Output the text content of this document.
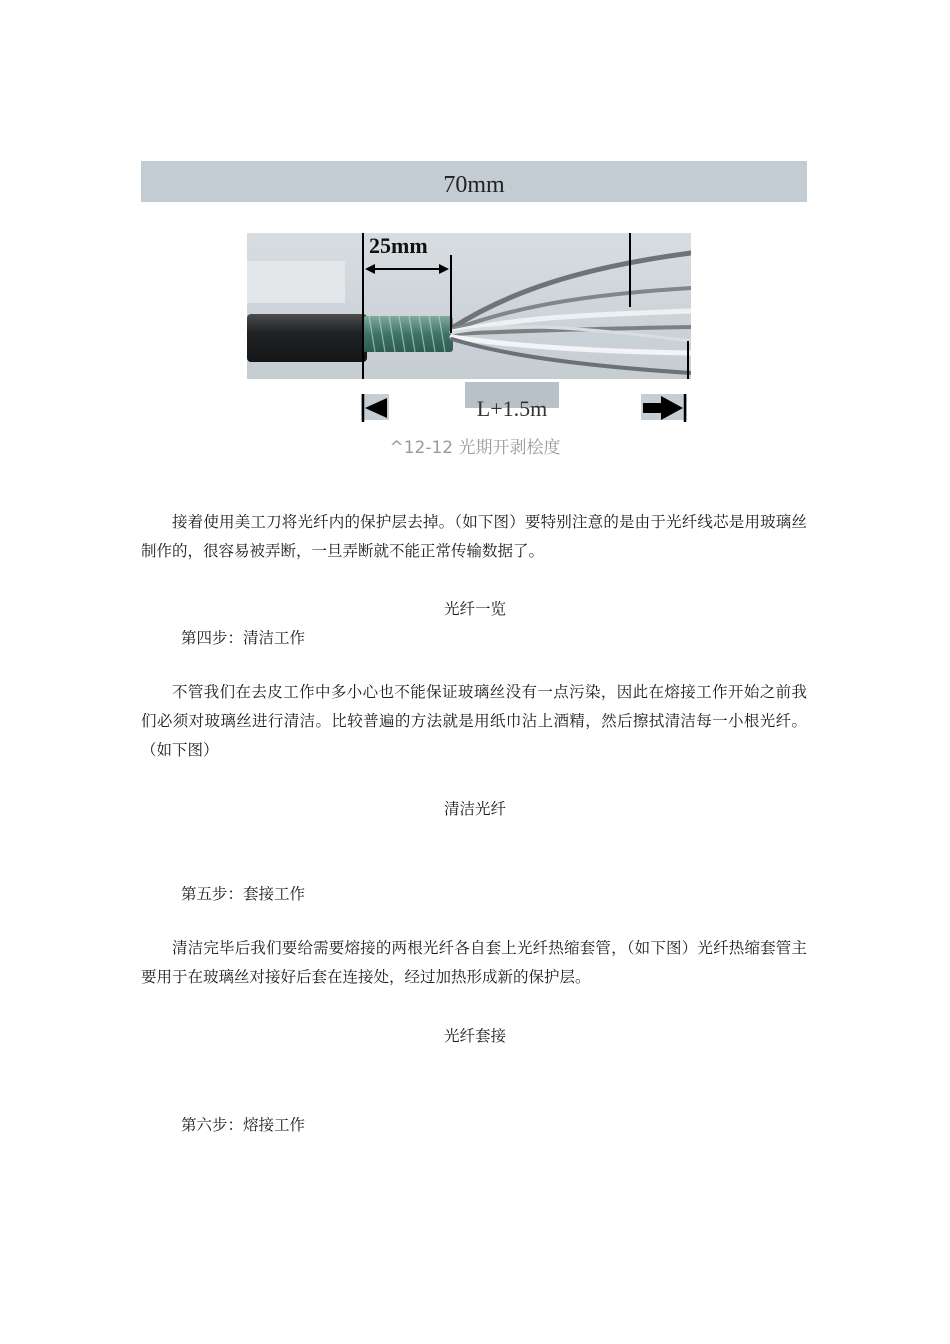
70mm
25mm
L+1.5m
^12-12 光期开剥桧度

接着使用美工刀将光纤内的保护层去掉。（如下图）要特别注意的是由于光纤线芯是用玻璃丝制作的，很容易被弄断，一旦弄断就不能正常传输数据了。

光纤一览
第四步：清洁工作

不管我们在去皮工作中多小心也不能保证玻璃丝没有一点污染，因此在熔接工作开始之前我们必须对玻璃丝进行清洁。比较普遍的方法就是用纸巾沾上酒精，然后擦拭清洁每一小根光纤。（如下图）

清洁光纤
第五步：套接工作

清洁完毕后我们要给需要熔接的两根光纤各自套上光纤热缩套管，（如下图）光纤热缩套管主要用于在玻璃丝对接好后套在连接处，经过加热形成新的保护层。

光纤套接
第六步：熔接工作
